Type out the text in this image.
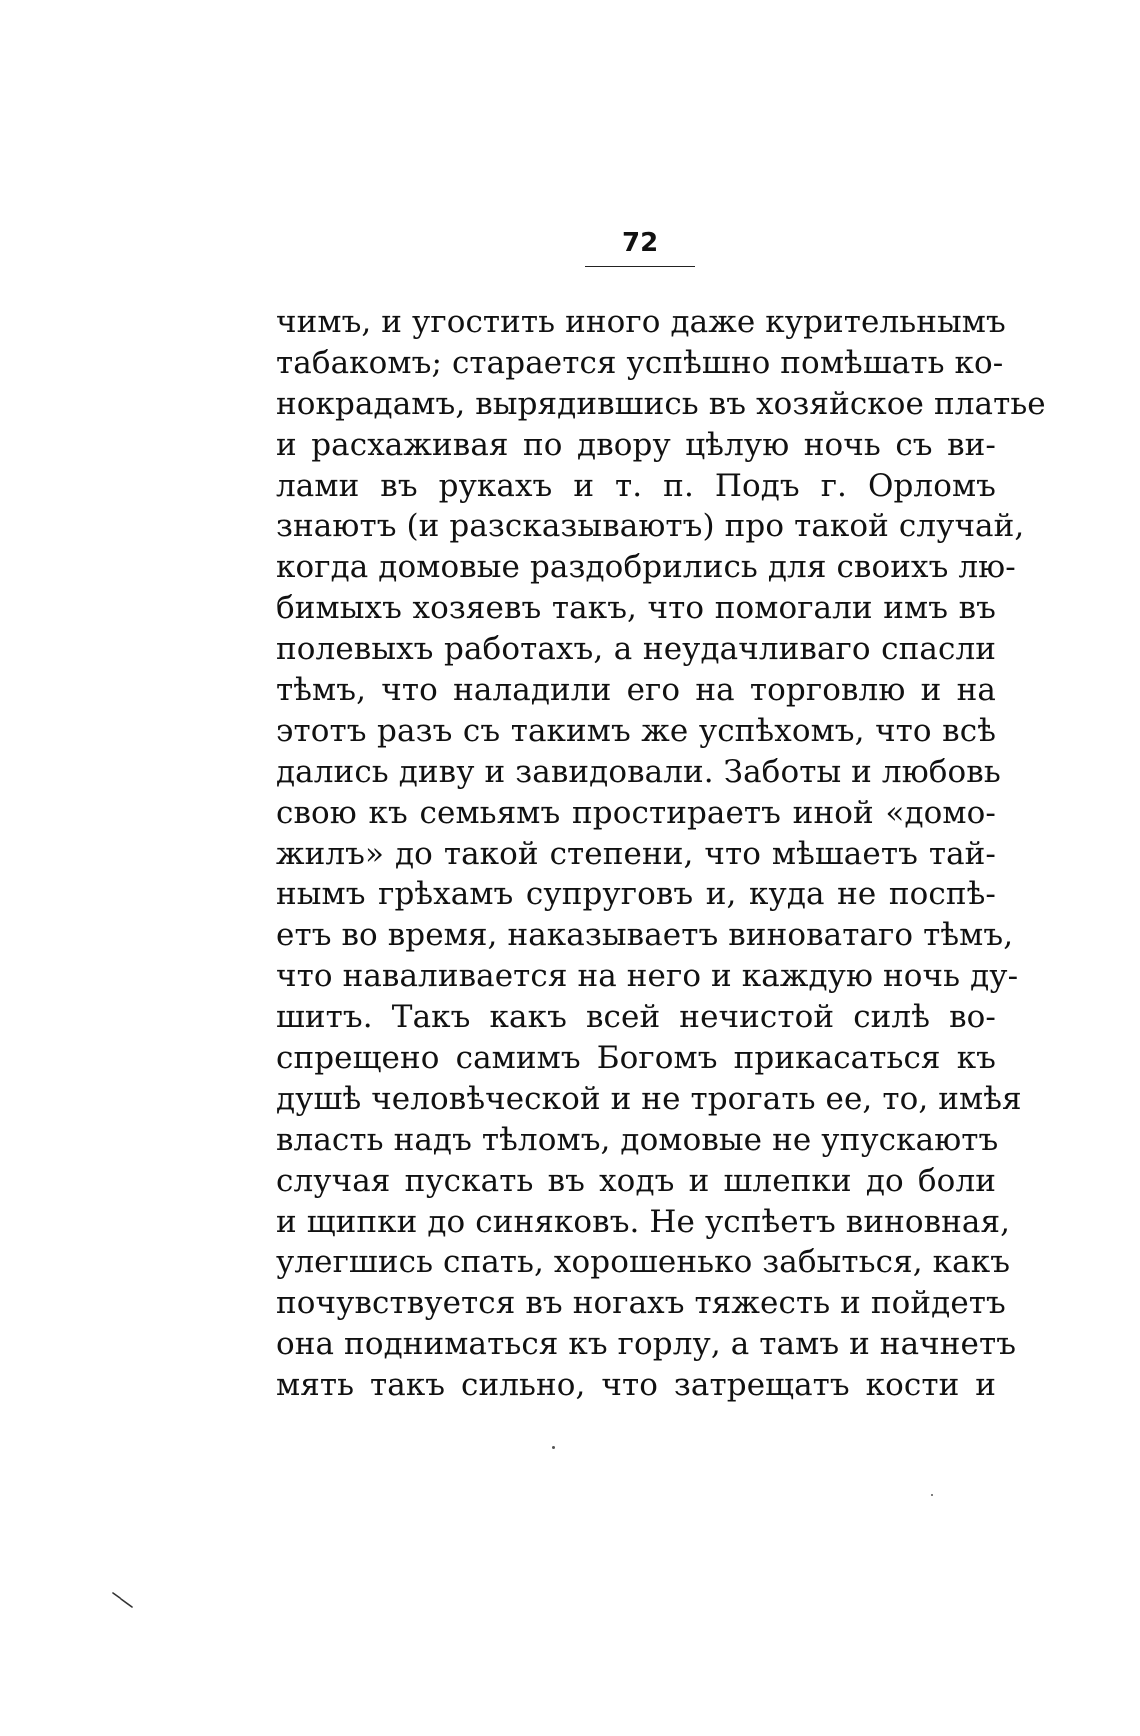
72
чимъ, и угостить иного даже курительнымъ
табакомъ; старается успѣшно помѣшать ко-
нокрадамъ, вырядившись въ хозяйское платье
и расхаживая по двору цѣлую ночь съ ви-
лами въ рукахъ и т. п. Подъ г. Орломъ
знаютъ (и разсказываютъ) про такой случай,
когда домовые раздобрились для своихъ лю-
бимыхъ хозяевъ такъ, что помогали имъ въ
полевыхъ работахъ, а неудачливаго спасли
тѣмъ, что наладили его на торговлю и на
этотъ разъ съ такимъ же успѣхомъ, что всѣ
дались диву и завидовали. Заботы и любовь
свою къ семьямъ простираетъ иной «домо-
жилъ» до такой степени, что мѣшаетъ тай-
нымъ грѣхамъ супруговъ и, куда не поспѣ-
етъ во время, наказываетъ виноватаго тѣмъ,
что наваливается на него и каждую ночь ду-
шитъ. Такъ какъ всей нечистой силѣ во-
спрещено самимъ Богомъ прикасаться къ
душѣ человѣческой и не трогать ее, то, имѣя
власть надъ тѣломъ, домовые не упускаютъ
случая пускать въ ходъ и шлепки до боли
и щипки до синяковъ. Не успѣетъ виновная,
улегшись спать, хорошенько забыться, какъ
почувствуется въ ногахъ тяжесть и пойдетъ
она подниматься къ горлу, а тамъ и начнетъ
мять такъ сильно, что затрещатъ кости и
